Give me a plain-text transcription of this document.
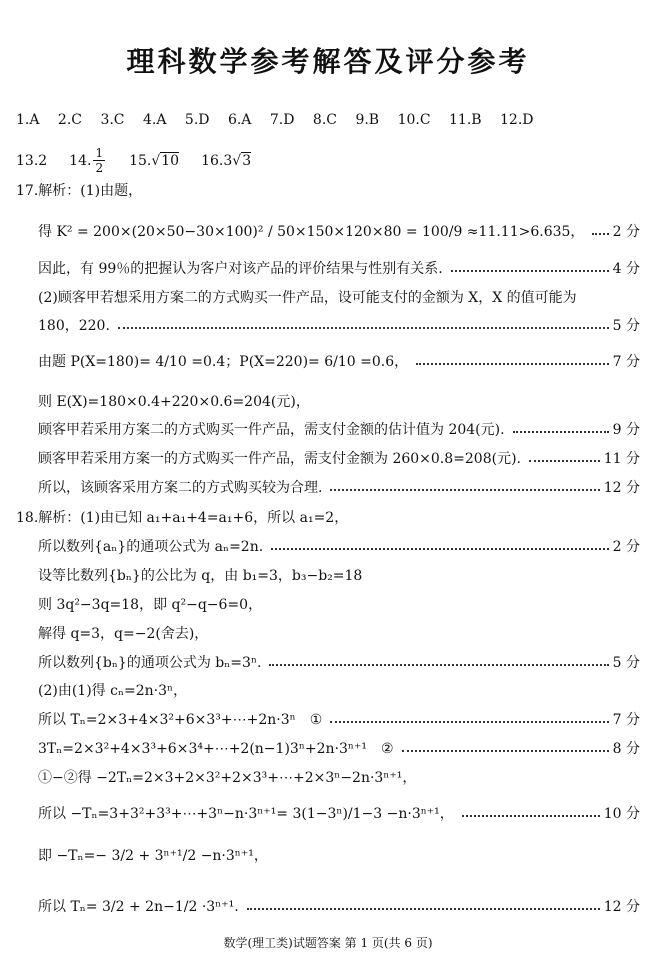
理科数学参考解答及评分参考
1.A 2.C 3.C 4.A 5.D 6.A 7.D 8.C 9.B 10.C 11.B 12.D
13.2 14. $\frac{1}{2} 15$. √ 10 16.3 √ 3
17.解析：(1)由题，
得 K² = 200×(20×50−30×100)² / 50×150×120×80 = 100/9 ≈11.11>6.635， 2 分
因此，有 99％的把握认为客户对该产品的评价结果与性别有关系.	4 分
(2)顾客甲若想采用方案二的方式购买一件产品，设可能支付的金额为 X，X 的值可能为
180，220.	5 分
由题 P(X=180)= 4/10 =0.4；P(X=220)= 6/10 =0.6，	7 分
则 E(X)=180×0.4+220×0.6=204(元)，
顾客甲若采用方案二的方式购买一件产品，需支付金额的估计值为 204(元).	9 分
顾客甲若采用方案一的方式购买一件产品，需支付金额为 260×0.8=208(元).	11 分
所以，该顾客采用方案二的方式购买较为合理.	12 分
18.解析：(1)由已知 a₁+a₁+4=a₁+6，所以 a₁=2，
所以数列{aₙ}的通项公式为 aₙ=2n.	2 分
设等比数列{bₙ}的公比为 q，由 b₁=3，b₃−b₂=18
则 3q²−3q=18，即 q²−q−6=0，
解得 q=3，q=−2(舍去)，
所以数列{bₙ}的通项公式为 bₙ=3ⁿ.	5 分
(2)由(1)得 cₙ=2n·3ⁿ，
所以 Tₙ=2×3+4×3²+6×3³+⋯+2n·3ⁿ　①	7 分
3Tₙ=2×3²+4×3³+6×3⁴+⋯+2(n−1)3ⁿ+2n·3ⁿ⁺¹　②	8 分
①−②得 −2Tₙ=2×3+2×3²+2×3³+⋯+2×3ⁿ−2n·3ⁿ⁺¹，
所以 −Tₙ=3+3²+3³+⋯+3ⁿ−n·3ⁿ⁺¹= 3(1−3ⁿ)/1−3 −n·3ⁿ⁺¹，	10 分
即 −Tₙ=− 3/2 + 3ⁿ⁺¹/2 −n·3ⁿ⁺¹，
所以 Tₙ= 3/2 + 2n−1/2 ·3ⁿ⁺¹.	12 分
数学(理工类)试题答案 第 1 页(共 6 页)
